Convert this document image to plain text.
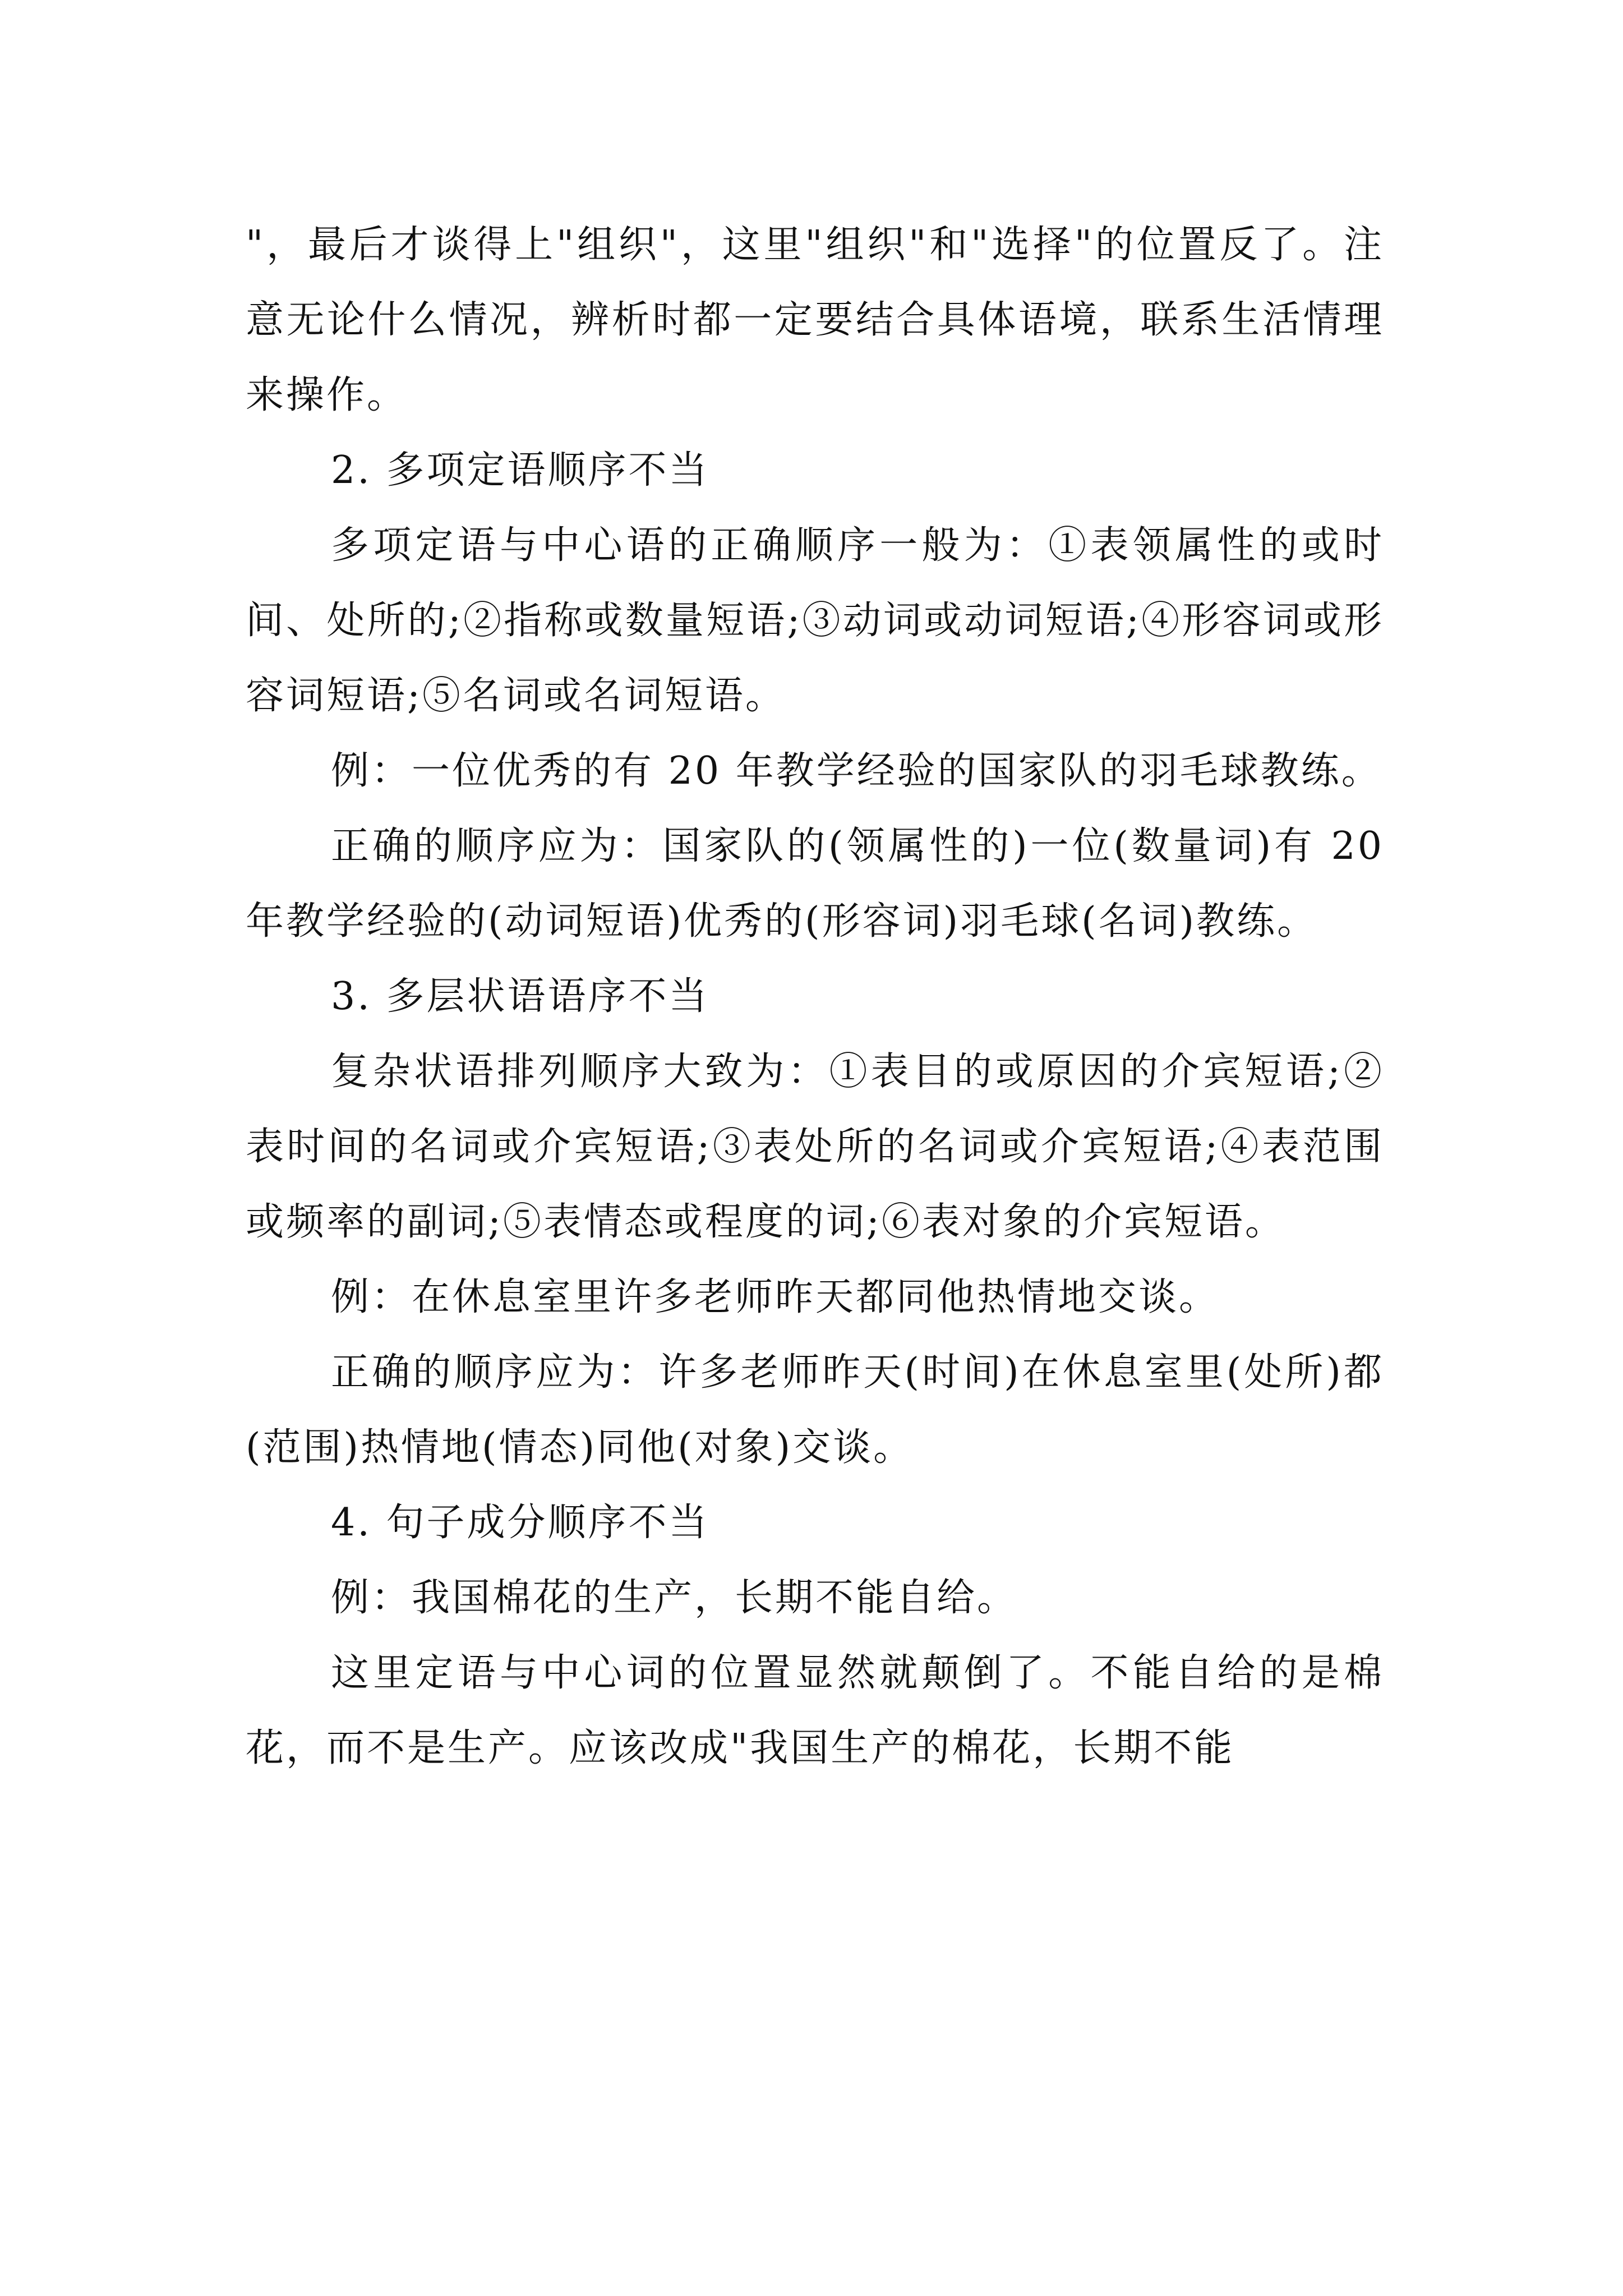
"，最后才谈得上"组织"，这里"组织"和"选择"的位置反了。注意无论什么情况，辨析时都一定要结合具体语境，联系生活情理来操作。

2. 多项定语顺序不当

多项定语与中心语的正确顺序一般为：①表领属性的或时间、处所的;②指称或数量短语;③动词或动词短语;④形容词或形容词短语;⑤名词或名词短语。

例：一位优秀的有 20 年教学经验的国家队的羽毛球教练。

正确的顺序应为：国家队的(领属性的)一位(数量词)有 20 年教学经验的(动词短语)优秀的(形容词)羽毛球(名词)教练。

3. 多层状语语序不当

复杂状语排列顺序大致为：①表目的或原因的介宾短语;②表时间的名词或介宾短语;③表处所的名词或介宾短语;④表范围或频率的副词;⑤表情态或程度的词;⑥表对象的介宾短语。

例：在休息室里许多老师昨天都同他热情地交谈。

正确的顺序应为：许多老师昨天(时间)在休息室里(处所)都(范围)热情地(情态)同他(对象)交谈。

4. 句子成分顺序不当

例：我国棉花的生产，长期不能自给。

这里定语与中心词的位置显然就颠倒了。不能自给的是棉花，而不是生产。应该改成"我国生产的棉花，长期不能
